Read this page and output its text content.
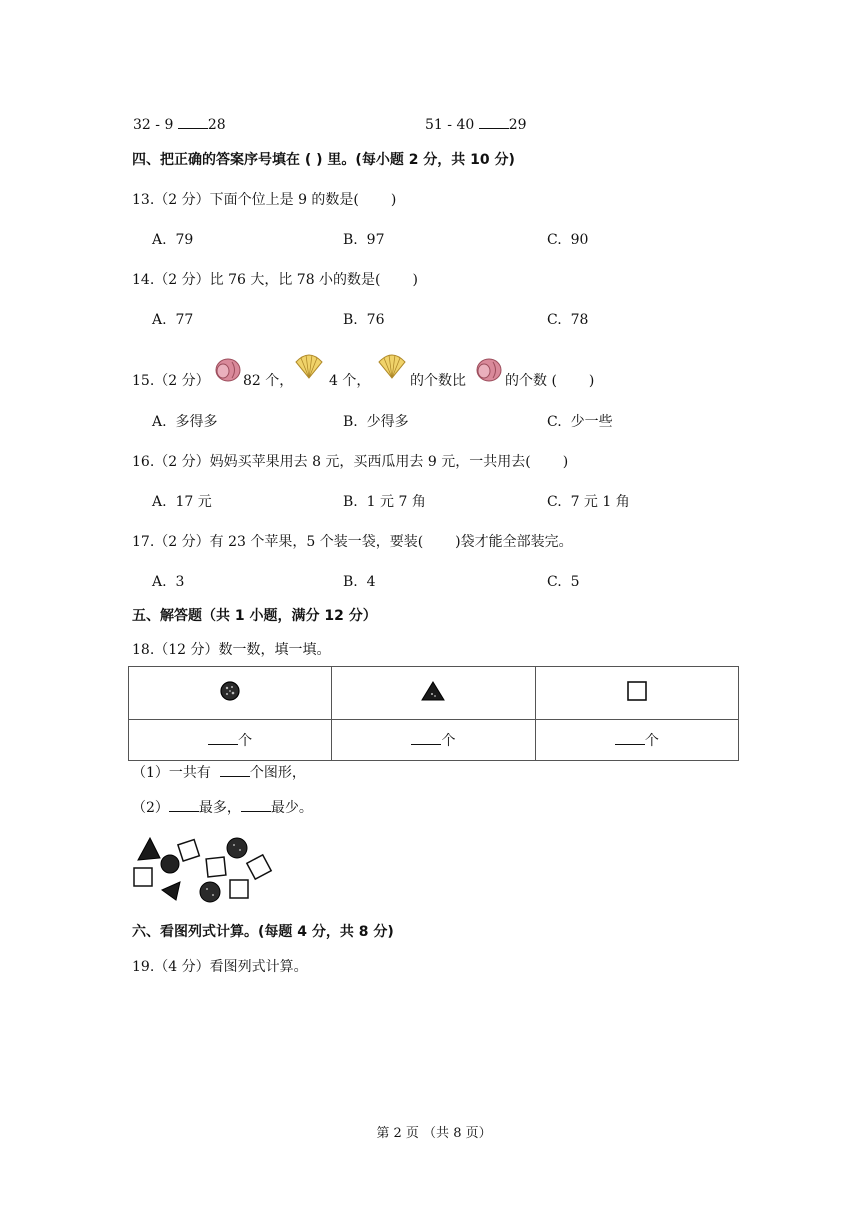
32 - 9 28	51 - 40 29
四、把正确的答案序号填在 ( ) 里。(每小题 2 分，共 10 分)
13.（2 分）下面个位上是 9 的数是( )
A. 79	B. 97	C. 90
14.（2 分）比 76 大，比 78 小的数是( )
A. 77	B. 76	C. 78
15.（2 分） 82 个，	4 个，	的个数比	的个数 ( )
A. 多得多	B. 少得多	C. 少一些
16.（2 分）妈妈买苹果用去 8 元，买西瓜用去 9 元，一共用去( )
A. 17 元	B. 1 元 7 角	C. 7 元 1 角
17.（2 分）有 23 个苹果，5 个装一袋，要装( )袋才能全部装完。
A. 3	B. 4	C. 5
五、解答题（共 1 小题，满分 12 分）
18.（12 分）数一数，填一填。

个	个	个
（1）一共有	个图形，
（2） 最多， 最少。
六、看图列式计算。(每题 4 分，共 8 分)
19.（4 分）看图列式计算。
第 2 页 （共 8 页）
